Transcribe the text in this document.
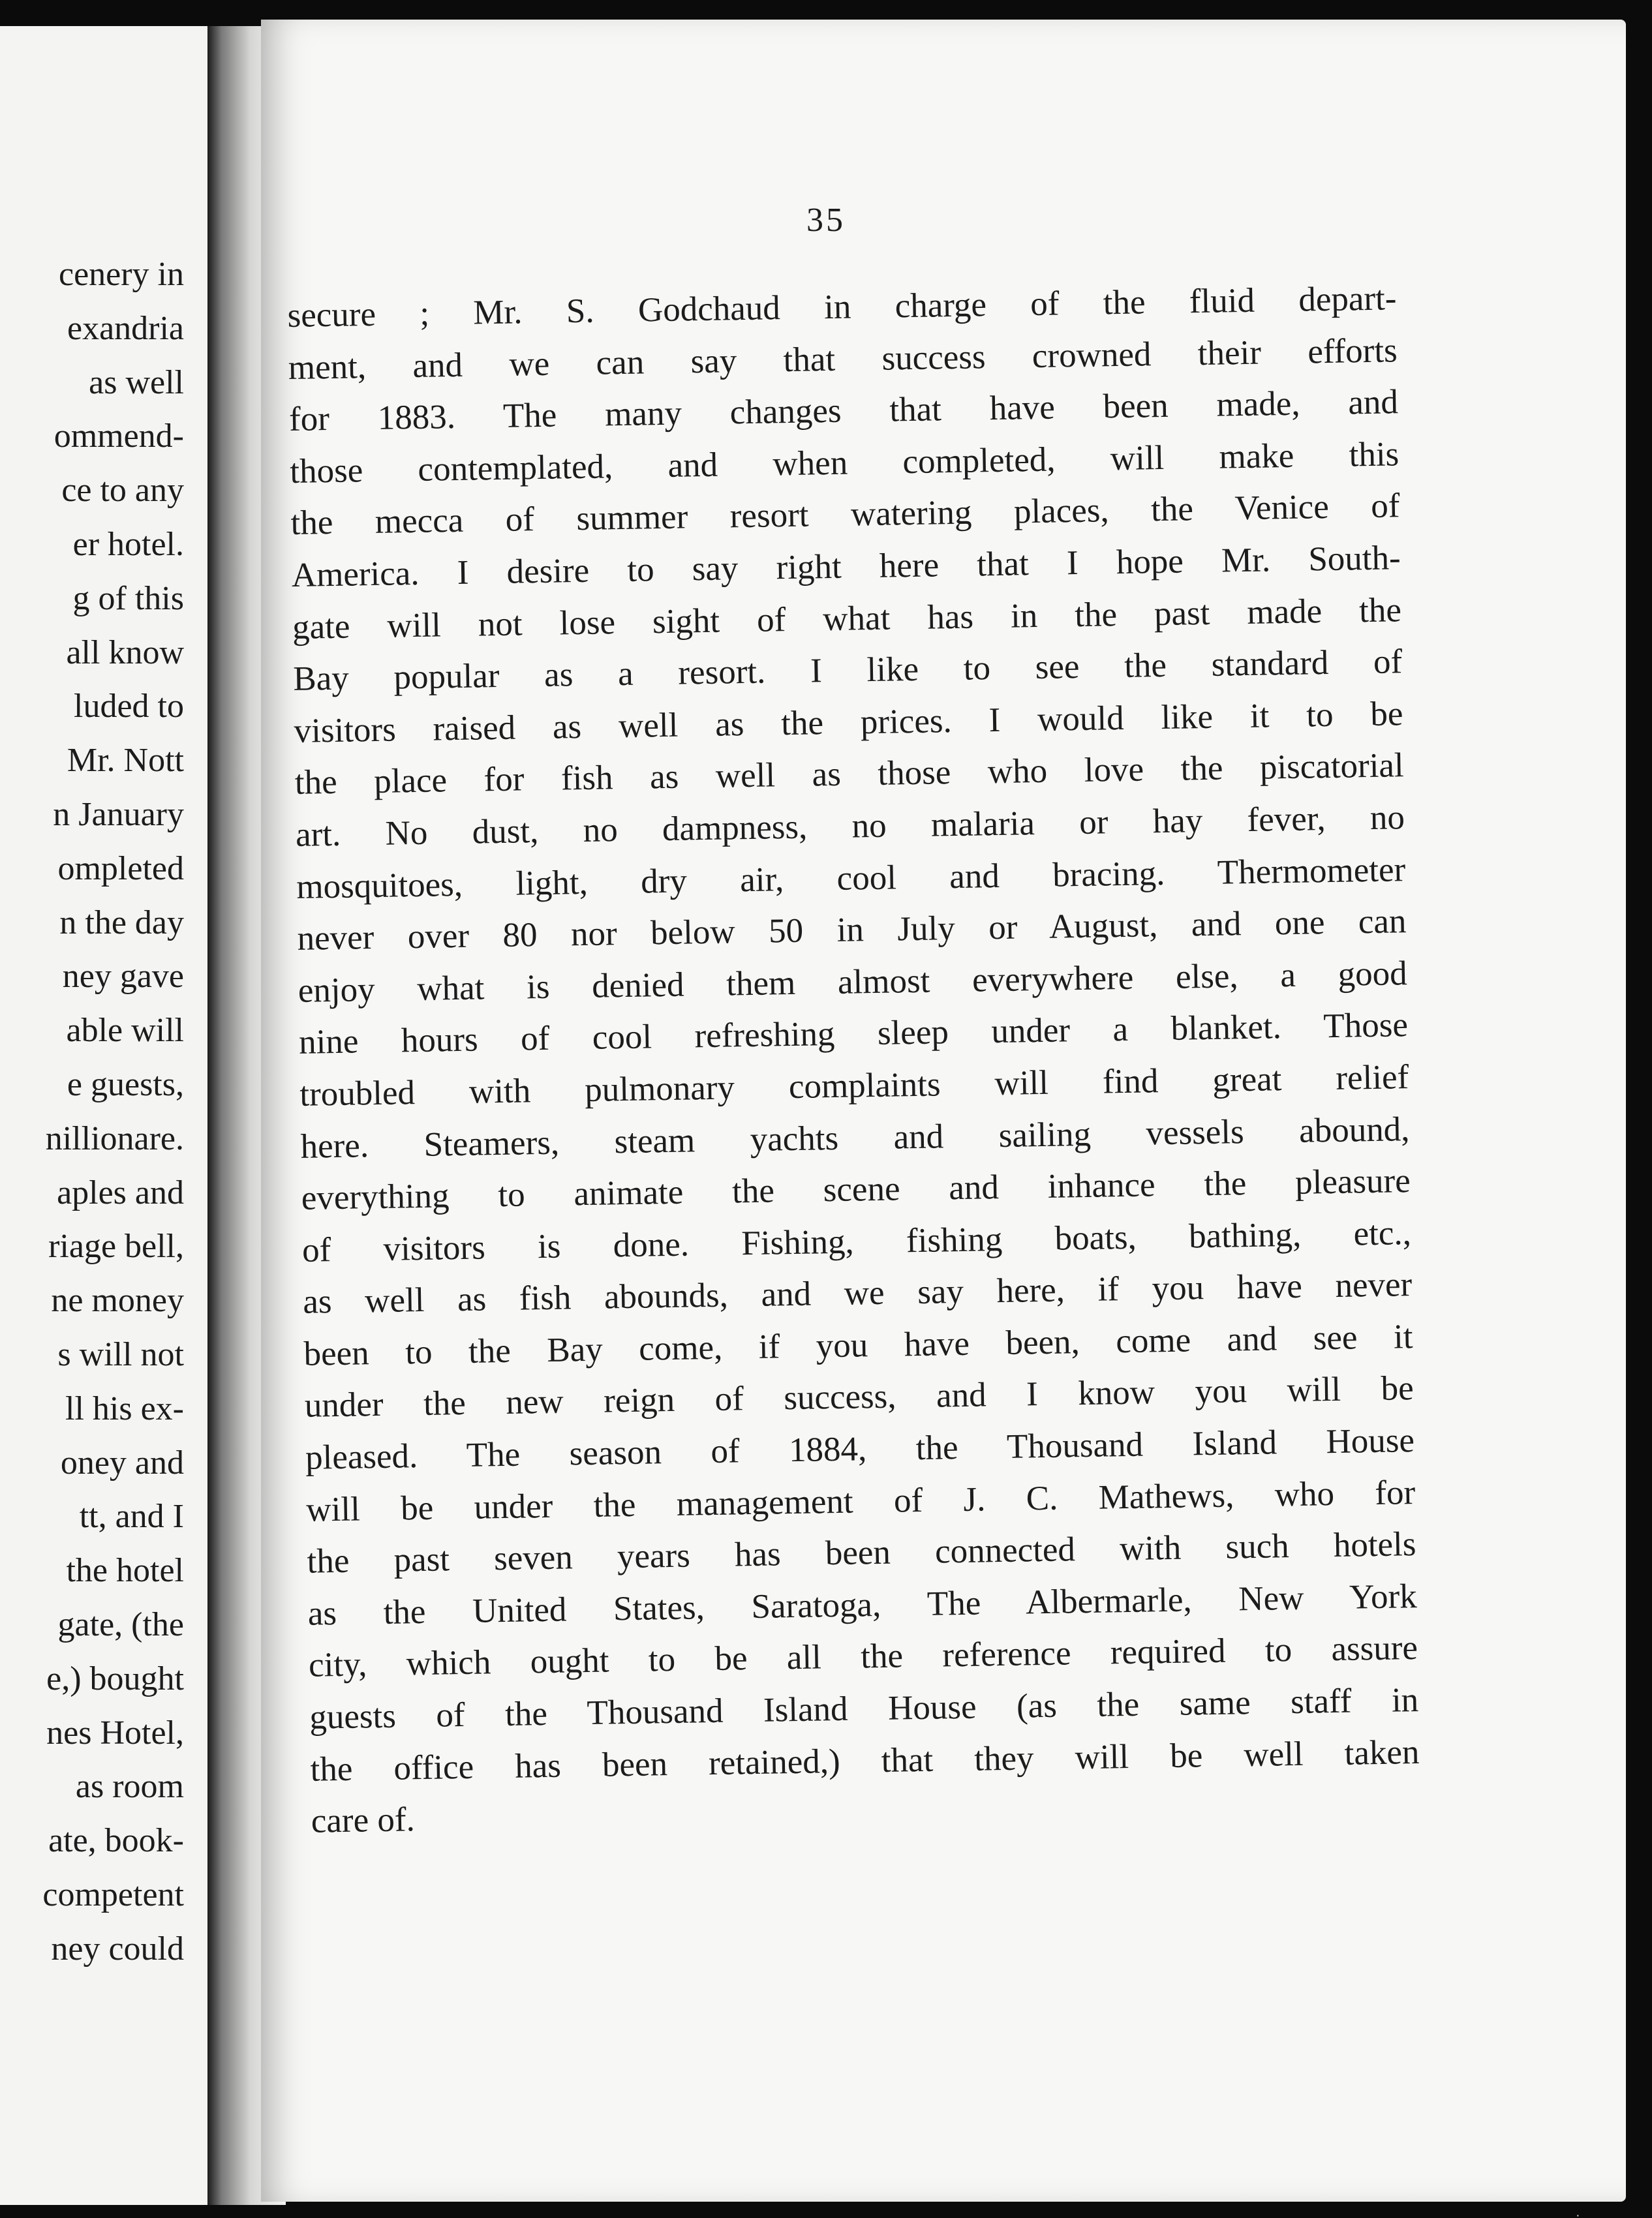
cenery in
exandria
as well
ommend-
ce to any
er hotel.
g of this
all know
luded to
Mr. Nott
n January
ompleted
n the day
ney gave
able will
e guests,
nillionare.
aples and
riage bell,
ne money
s will not
ll his ex-
oney and
tt, and I
the hotel
gate, (the
e,) bought
nes Hotel,
as room
ate, book-
competent
ney could
35
secure ; Mr. S. Godchaud in charge of the fluid depart-
ment, and we can say that success crowned their efforts
for 1883. The many changes that have been made, and
those contemplated, and when completed, will make this
the mecca of summer resort watering places, the Venice of
America. I desire to say right here that I hope Mr. South-
gate will not lose sight of what has in the past made the
Bay popular as a resort. I like to see the standard of
visitors raised as well as the prices. I would like it to be
the place for fish as well as those who love the piscatorial
art. No dust, no dampness, no malaria or hay fever, no
mosquitoes, light, dry air, cool and bracing. Thermometer
never over 80 nor below 50 in July or August, and one can
enjoy what is denied them almost everywhere else, a good
nine hours of cool refreshing sleep under a blanket. Those
troubled with pulmonary complaints will find great relief
here. Steamers, steam yachts and sailing vessels abound,
everything to animate the scene and inhance the pleasure
of visitors is done. Fishing, fishing boats, bathing, etc.,
as well as fish abounds, and we say here, if you have never
been to the Bay come, if you have been, come and see it
under the new reign of success, and I know you will be
pleased. The season of 1884, the Thousand Island House
will be under the management of J. C. Mathews, who for
the past seven years has been connected with such hotels
as the United States, Saratoga, The Albermarle, New York
city, which ought to be all the reference required to assure
guests of the Thousand Island House (as the same staff in
the office has been retained,) that they will be well taken
care of.
·
